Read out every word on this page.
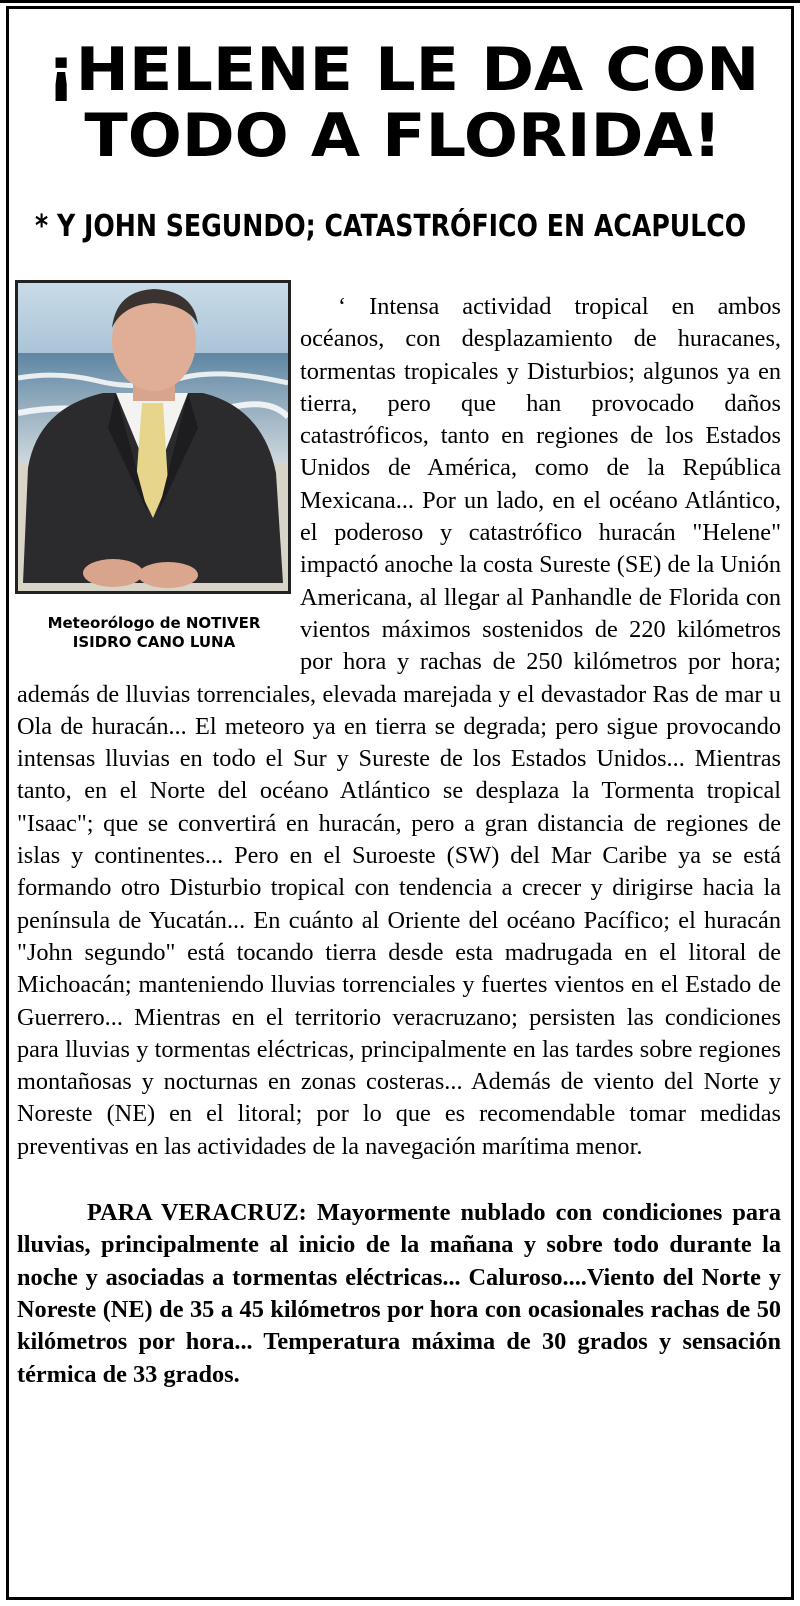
¡HELENE LE DA CON
TODO A FLORIDA!
* Y JOHN SEGUNDO; CATASTRÓFICO EN ACAPULCO
Meteorólogo de NOTIVER
ISIDRO CANO LUNA

‘ Intensa actividad tropical en ambos océanos, con desplazamiento de huracanes, tormentas tropicales y Disturbios; algunos ya en tierra, pero que han provocado daños catastróficos, tanto en regiones de los Estados Unidos de América, como de la República Mexicana... Por un lado, en el océano Atlántico, el poderoso y catastrófico huracán "Helene" impactó anoche la costa Sureste (SE) de la Unión Americana, al llegar al Panhandle de Florida con vientos máximos sostenidos de 220 kilómetros por hora y rachas de 250 kilómetros por hora; además de lluvias torrenciales, elevada marejada y el devastador Ras de mar u Ola de huracán... El meteoro ya en tierra se degrada; pero sigue provocando intensas lluvias en todo el Sur y Sureste de los Estados Unidos... Mientras tanto, en el Norte del océano Atlántico se desplaza la Tormenta tropical "Isaac"; que se convertirá en huracán, pero a gran distancia de regiones de islas y continentes... Pero en el Suroeste (SW) del Mar Caribe ya se está formando otro Disturbio tropical con tendencia a crecer y dirigirse hacia la península de Yucatán... En cuánto al Oriente del océano Pacífico; el huracán "John segundo" está tocando tierra desde esta madrugada en el litoral de Michoacán; manteniendo lluvias torrenciales y fuertes vientos en el Estado de Guerrero... Mientras en el territorio veracruzano; persisten las condiciones para lluvias y tormentas eléctricas, principalmente en las tardes sobre regiones montañosas y nocturnas en zonas costeras... Además de viento del Norte y Noreste (NE) en el litoral; por lo que es recomendable tomar medidas preventivas en las actividades de la navegación marítima menor.

PARA VERACRUZ: Mayormente nublado con condiciones para lluvias, principalmente al inicio de la mañana y sobre todo durante la noche y asociadas a tormentas eléctricas... Caluroso....Viento del Norte y Noreste (NE) de 35 a 45 kilómetros por hora con ocasionales rachas de 50 kilómetros por hora... Temperatura máxima de 30 grados y sensación térmica de 33 grados.
